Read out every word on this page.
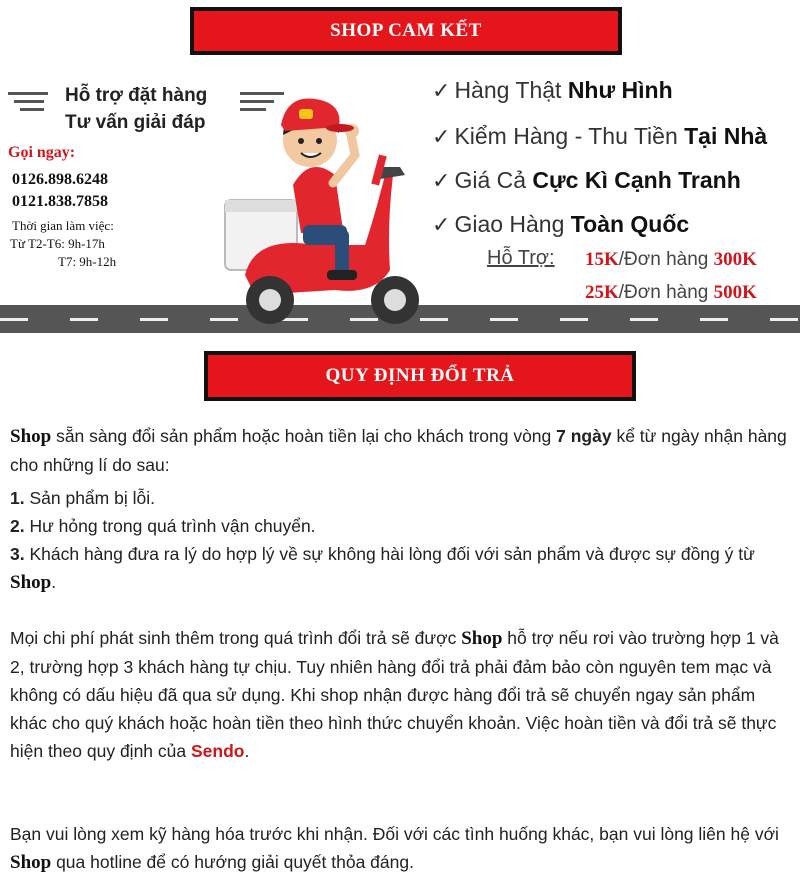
SHOP CAM KẾT
Hỗ trợ đặt hàng
Tư vấn giải đáp
Gọi ngay:
0126.898.6248
0121.838.7858
Thời gian làm việc:
Từ T2-T6: 9h-17h
T7: 9h-12h
✓ Hàng Thật Như Hình
✓ Kiểm Hàng - Thu Tiền Tại Nhà
✓ Giá Cả Cực Kì Cạnh Tranh
✓ Giao Hàng Toàn Quốc
Hỗ Trợ: 15K/Đơn hàng 300K
25K/Đơn hàng 500K
QUY ĐỊNH ĐỔI TRẢ

Shop sẵn sàng đổi sản phẩm hoặc hoàn tiền lại cho khách trong vòng 7 ngày kể từ ngày nhận hàng cho những lí do sau:

1. Sản phẩm bị lỗi.

2. Hư hỏng trong quá trình vận chuyển.

3. Khách hàng đưa ra lý do hợp lý về sự không hài lòng đối với sản phẩm và được sự đồng ý từ Shop.

Mọi chi phí phát sinh thêm trong quá trình đổi trả sẽ được Shop hỗ trợ nếu rơi vào trường hợp 1 và 2, trường hợp 3 khách hàng tự chịu. Tuy nhiên hàng đổi trả phải đảm bảo còn nguyên tem mạc và không có dấu hiệu đã qua sử dụng. Khi shop nhận được hàng đổi trả sẽ chuyển ngay sản phẩm khác cho quý khách hoặc hoàn tiền theo hình thức chuyển khoản. Việc hoàn tiền và đổi trả sẽ thực hiện theo quy định của Sendo.

Bạn vui lòng xem kỹ hàng hóa trước khi nhận. Đối với các tình huống khác, bạn vui lòng liên hệ với Shop qua hotline để có hướng giải quyết thỏa đáng.
